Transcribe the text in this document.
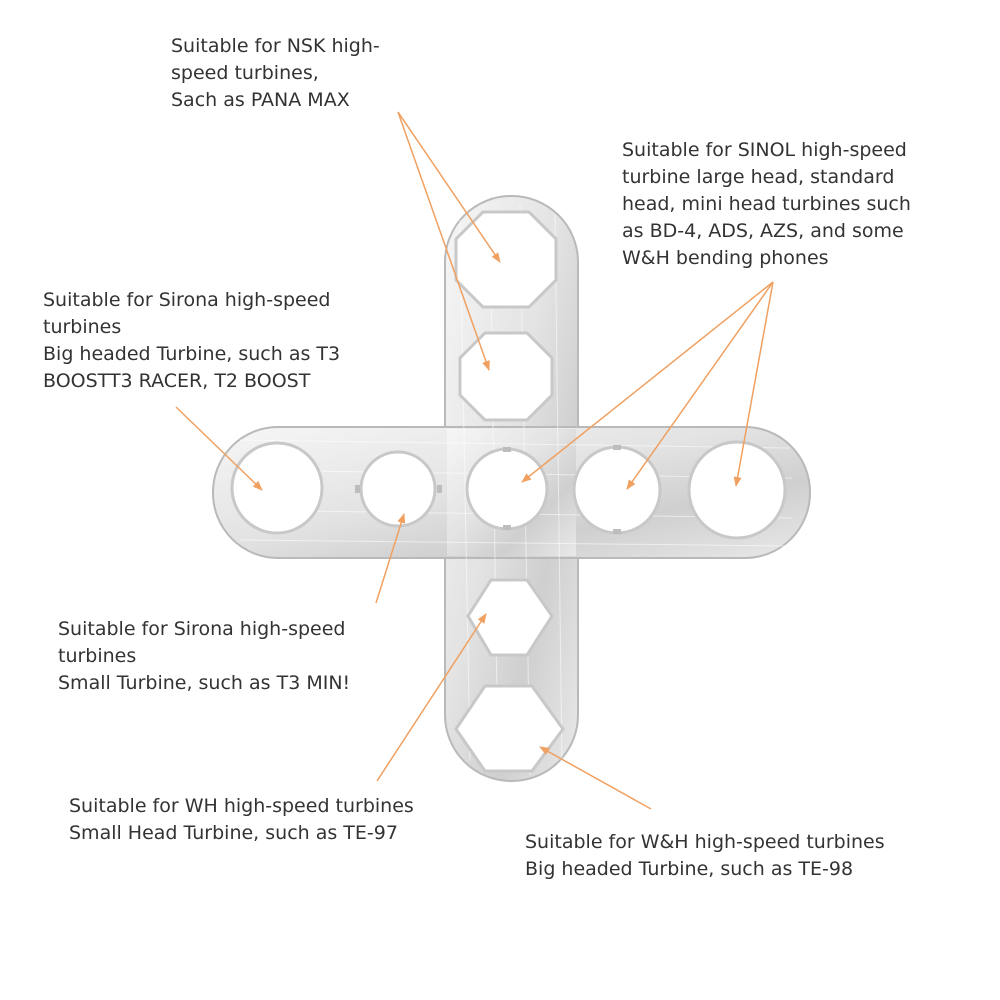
Suitable for NSK high-
speed turbines,
Sach as PANA MAX

Suitable for SINOL high-speed
turbine large head, standard
head, mini head turbines such
as BD-4, ADS, AZS, and some
W&H bending phones

Suitable for Sirona high-speed
turbines
Big headed Turbine, such as T3
BOOSTT3 RACER, T2 BOOST

Suitable for Sirona high-speed
turbines
Small Turbine, such as T3 MIN!

Suitable for WH high-speed turbines
Small Head Turbine, such as TE-97	Suitable for W&H high-speed turbines
Big headed Turbine, such as TE-98
